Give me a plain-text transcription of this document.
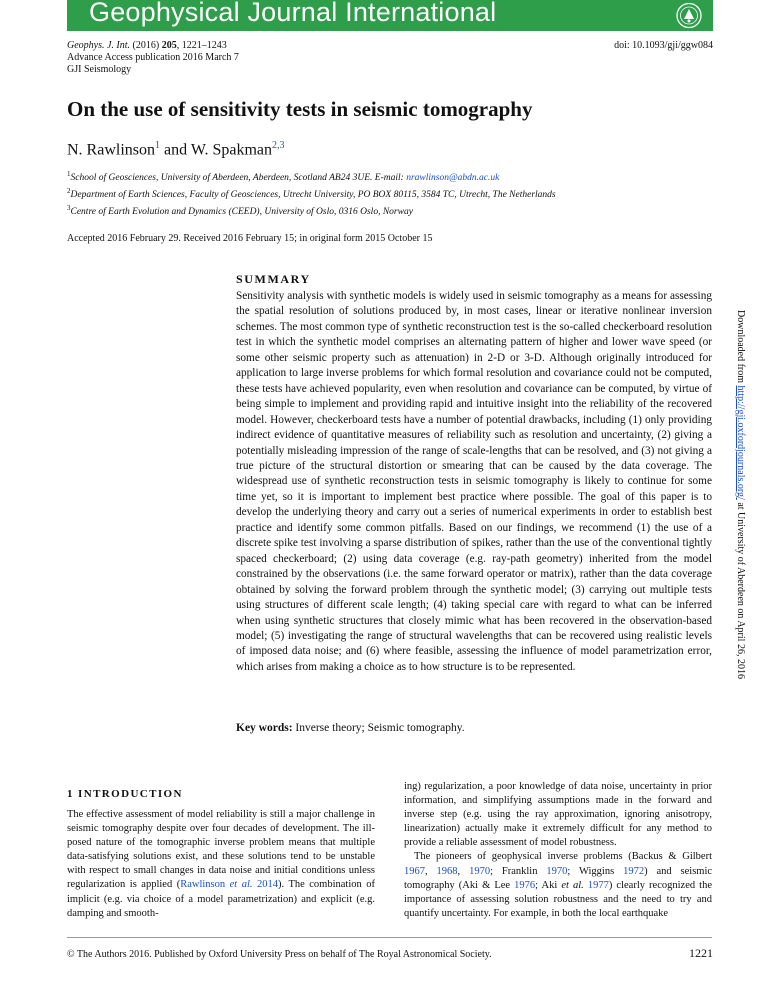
Geophysical Journal International
Geophys. J. Int. (2016) 205, 1221–1243
Advance Access publication 2016 March 7
GJI Seismology
doi: 10.1093/gji/ggw084
On the use of sensitivity tests in seismic tomography
N. Rawlinson$^1$ and W. Spakman$^{2,3}$
$^1$School of Geosciences, University of Aberdeen, Aberdeen, Scotland AB24 3UE. E-mail: nrawlinson@abdn.ac.uk
$^2$Department of Earth Sciences, Faculty of Geosciences, Utrecht University, PO BOX 80115, 3584 TC, Utrecht, The Netherlands
$^3$Centre of Earth Evolution and Dynamics (CEED), University of Oslo, 0316 Oslo, Norway
Accepted 2016 February 29. Received 2016 February 15; in original form 2015 October 15
SUMMARY

Sensitivity analysis with synthetic models is widely used in seismic tomography as a means for assessing the spatial resolution of solutions produced by, in most cases, linear or iterative nonlinear inversion schemes. The most common type of synthetic reconstruction test is the so-called checkerboard resolution test in which the synthetic model comprises an alternating pattern of higher and lower wave speed (or some other seismic property such as attenuation) in 2-D or 3-D. Although originally introduced for application to large inverse problems for which formal resolution and covariance could not be computed, these tests have achieved popularity, even when resolution and covariance can be computed, by virtue of being simple to implement and providing rapid and intuitive insight into the reliability of the recovered model. However, checkerboard tests have a number of potential drawbacks, including (1) only providing indirect evidence of quantitative measures of reliability such as resolution and uncertainty, (2) giving a potentially misleading impression of the range of scale-lengths that can be resolved, and (3) not giving a true picture of the structural distortion or smearing that can be caused by the data coverage. The widespread use of synthetic reconstruction tests in seismic tomography is likely to continue for some time yet, so it is important to implement best practice where possible. The goal of this paper is to develop the underlying theory and carry out a series of numerical experiments in order to establish best practice and identify some common pitfalls. Based on our findings, we recommend (1) the use of a discrete spike test involving a sparse distribution of spikes, rather than the use of the conventional tightly spaced checkerboard; (2) using data coverage (e.g. ray-path geometry) inherited from the model constrained by the observations (i.e. the same forward operator or matrix), rather than the data coverage obtained by solving the forward problem through the synthetic model; (3) carrying out multiple tests using structures of different scale length; (4) taking special care with regard to what can be inferred when using synthetic structures that closely mimic what has been recovered in the observation-based model; (5) investigating the range of structural wavelengths that can be recovered using realistic levels of imposed data noise; and (6) where feasible, assessing the influence of model parametrization error, which arises from making a choice as to how structure is to be represented.

Key words: Inverse theory; Seismic tomography.
Downloaded from http://gji.oxfordjournals.org/ at University of Aberdeen on April 26, 2016
1 INTRODUCTION

The effective assessment of model reliability is still a major challenge in seismic tomography despite over four decades of development. The ill-posed nature of the tomographic inverse problem means that multiple data-satisfying solutions exist, and these solutions tend to be unstable with respect to small changes in data noise and initial conditions unless regularization is applied (Rawlinson et al. 2014). The combination of implicit (e.g. via choice of a model parametrization) and explicit (e.g. damping and smooth-

ing) regularization, a poor knowledge of data noise, uncertainty in prior information, and simplifying assumptions made in the forward and inverse step (e.g. using the ray approximation, ignoring anisotropy, linearization) actually make it extremely difficult for any method to provide a reliable assessment of model robustness.

The pioneers of geophysical inverse problems (Backus & Gilbert 1967, 1968, 1970; Franklin 1970; Wiggins 1972) and seismic tomography (Aki & Lee 1976; Aki et al. 1977) clearly recognized the importance of assessing solution robustness and the need to try and quantify uncertainty. For example, in both the local earthquake

© The Authors 2016. Published by Oxford University Press on behalf of The Royal Astronomical Society.	1221
